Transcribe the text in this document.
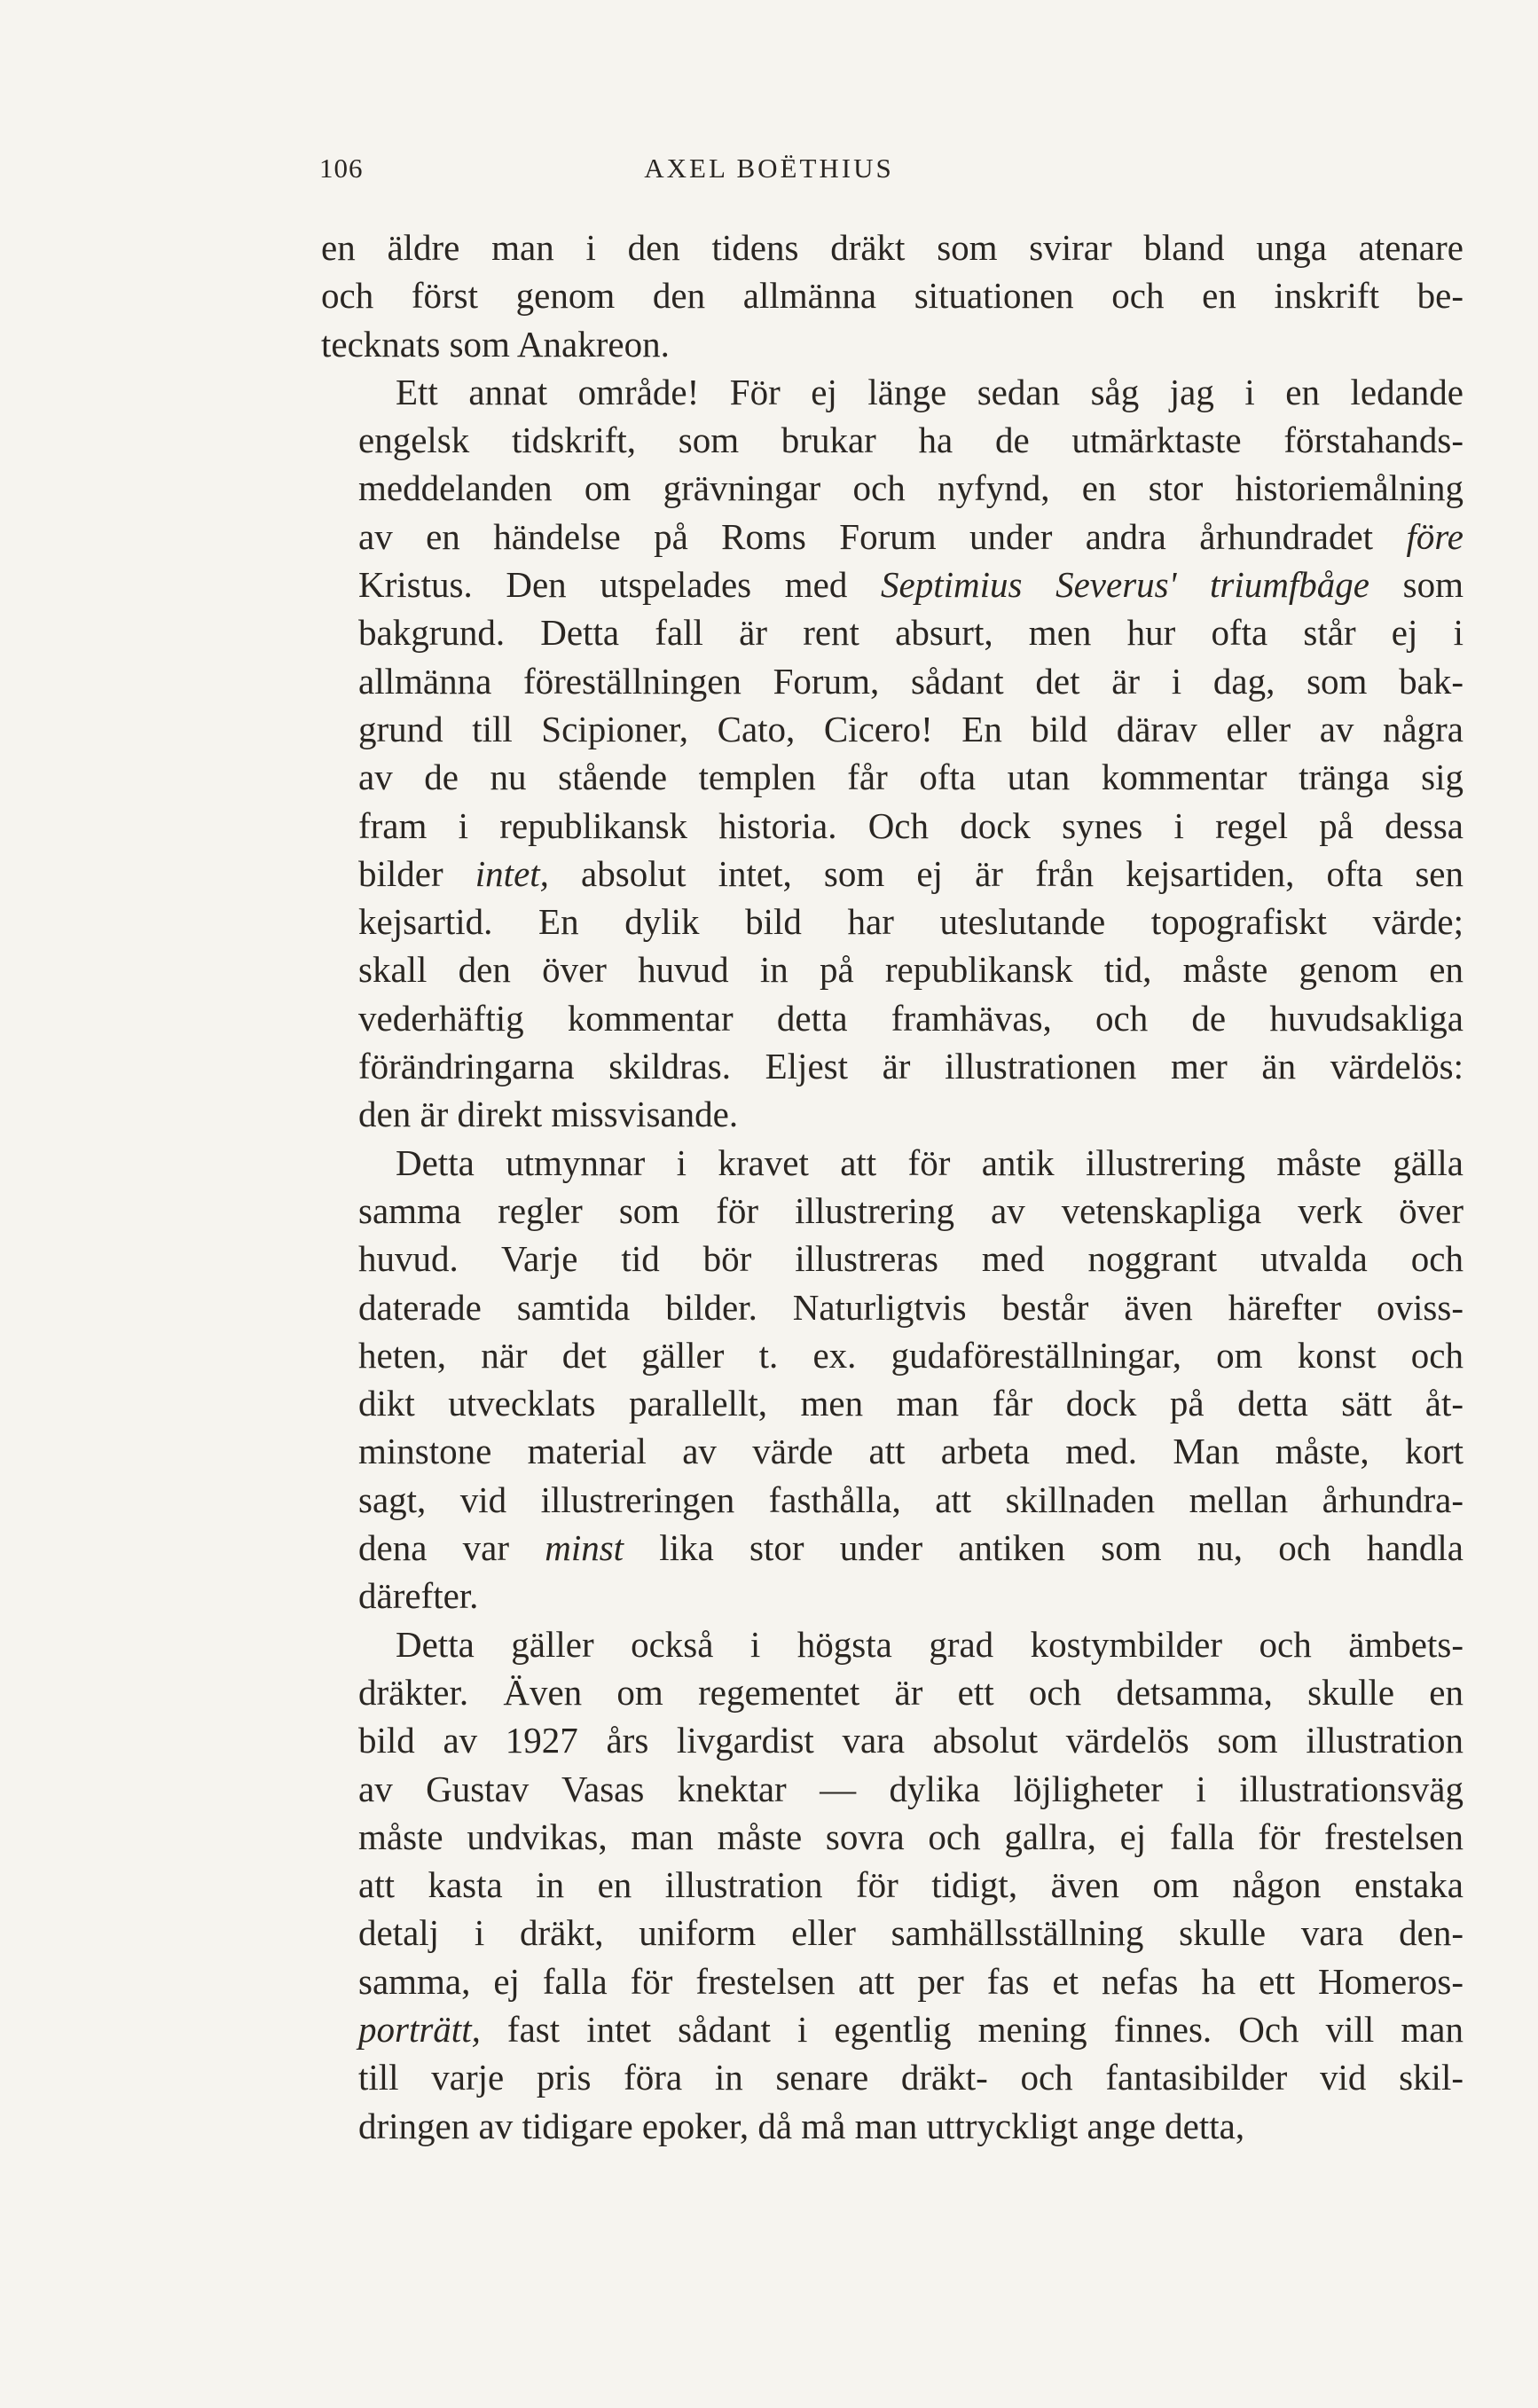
106	AXEL BOËTHIUS

en äldre man i den tidens dräkt som svirar bland unga atenare
och först genom den allmänna situationen och en inskrift be-
tecknats som Anakreon.

Ett annat område! För ej länge sedan såg jag i en ledande
engelsk tidskrift, som brukar ha de utmärktaste förstahands-
meddelanden om grävningar och nyfynd, en stor historiemålning
av en händelse på Roms Forum under andra århundradet före
Kristus. Den utspelades med Septimius Severus' triumfbåge som
bakgrund. Detta fall är rent absurt, men hur ofta står ej i
allmänna föreställningen Forum, sådant det är i dag, som bak-
grund till Scipioner, Cato, Cicero! En bild därav eller av några
av de nu stående templen får ofta utan kommentar tränga sig
fram i republikansk historia. Och dock synes i regel på dessa
bilder intet, absolut intet, som ej är från kejsartiden, ofta sen
kejsartid. En dylik bild har uteslutande topografiskt värde;
skall den över huvud in på republikansk tid, måste genom en
vederhäftig kommentar detta framhävas, och de huvudsakliga
förändringarna skildras. Eljest är illustrationen mer än värdelös:
den är direkt missvisande.

Detta utmynnar i kravet att för antik illustrering måste gälla
samma regler som för illustrering av vetenskapliga verk över
huvud. Varje tid bör illustreras med noggrant utvalda och
daterade samtida bilder. Naturligtvis består även härefter oviss-
heten, när det gäller t. ex. gudaföreställningar, om konst och
dikt utvecklats parallellt, men man får dock på detta sätt åt-
minstone material av värde att arbeta med. Man måste, kort
sagt, vid illustreringen fasthålla, att skillnaden mellan århundra-
dena var minst lika stor under antiken som nu, och handla
därefter.

Detta gäller också i högsta grad kostymbilder och ämbets-
dräkter. Även om regementet är ett och detsamma, skulle en
bild av 1927 års livgardist vara absolut värdelös som illustration
av Gustav Vasas knektar — dylika löjligheter i illustrationsväg
måste undvikas, man måste sovra och gallra, ej falla för frestelsen
att kasta in en illustration för tidigt, även om någon enstaka
detalj i dräkt, uniform eller samhällsställning skulle vara den-
samma, ej falla för frestelsen att per fas et nefas ha ett Homeros-
porträtt, fast intet sådant i egentlig mening finnes. Och vill man
till varje pris föra in senare dräkt- och fantasibilder vid skil-
dringen av tidigare epoker, då må man uttryckligt ange detta,
